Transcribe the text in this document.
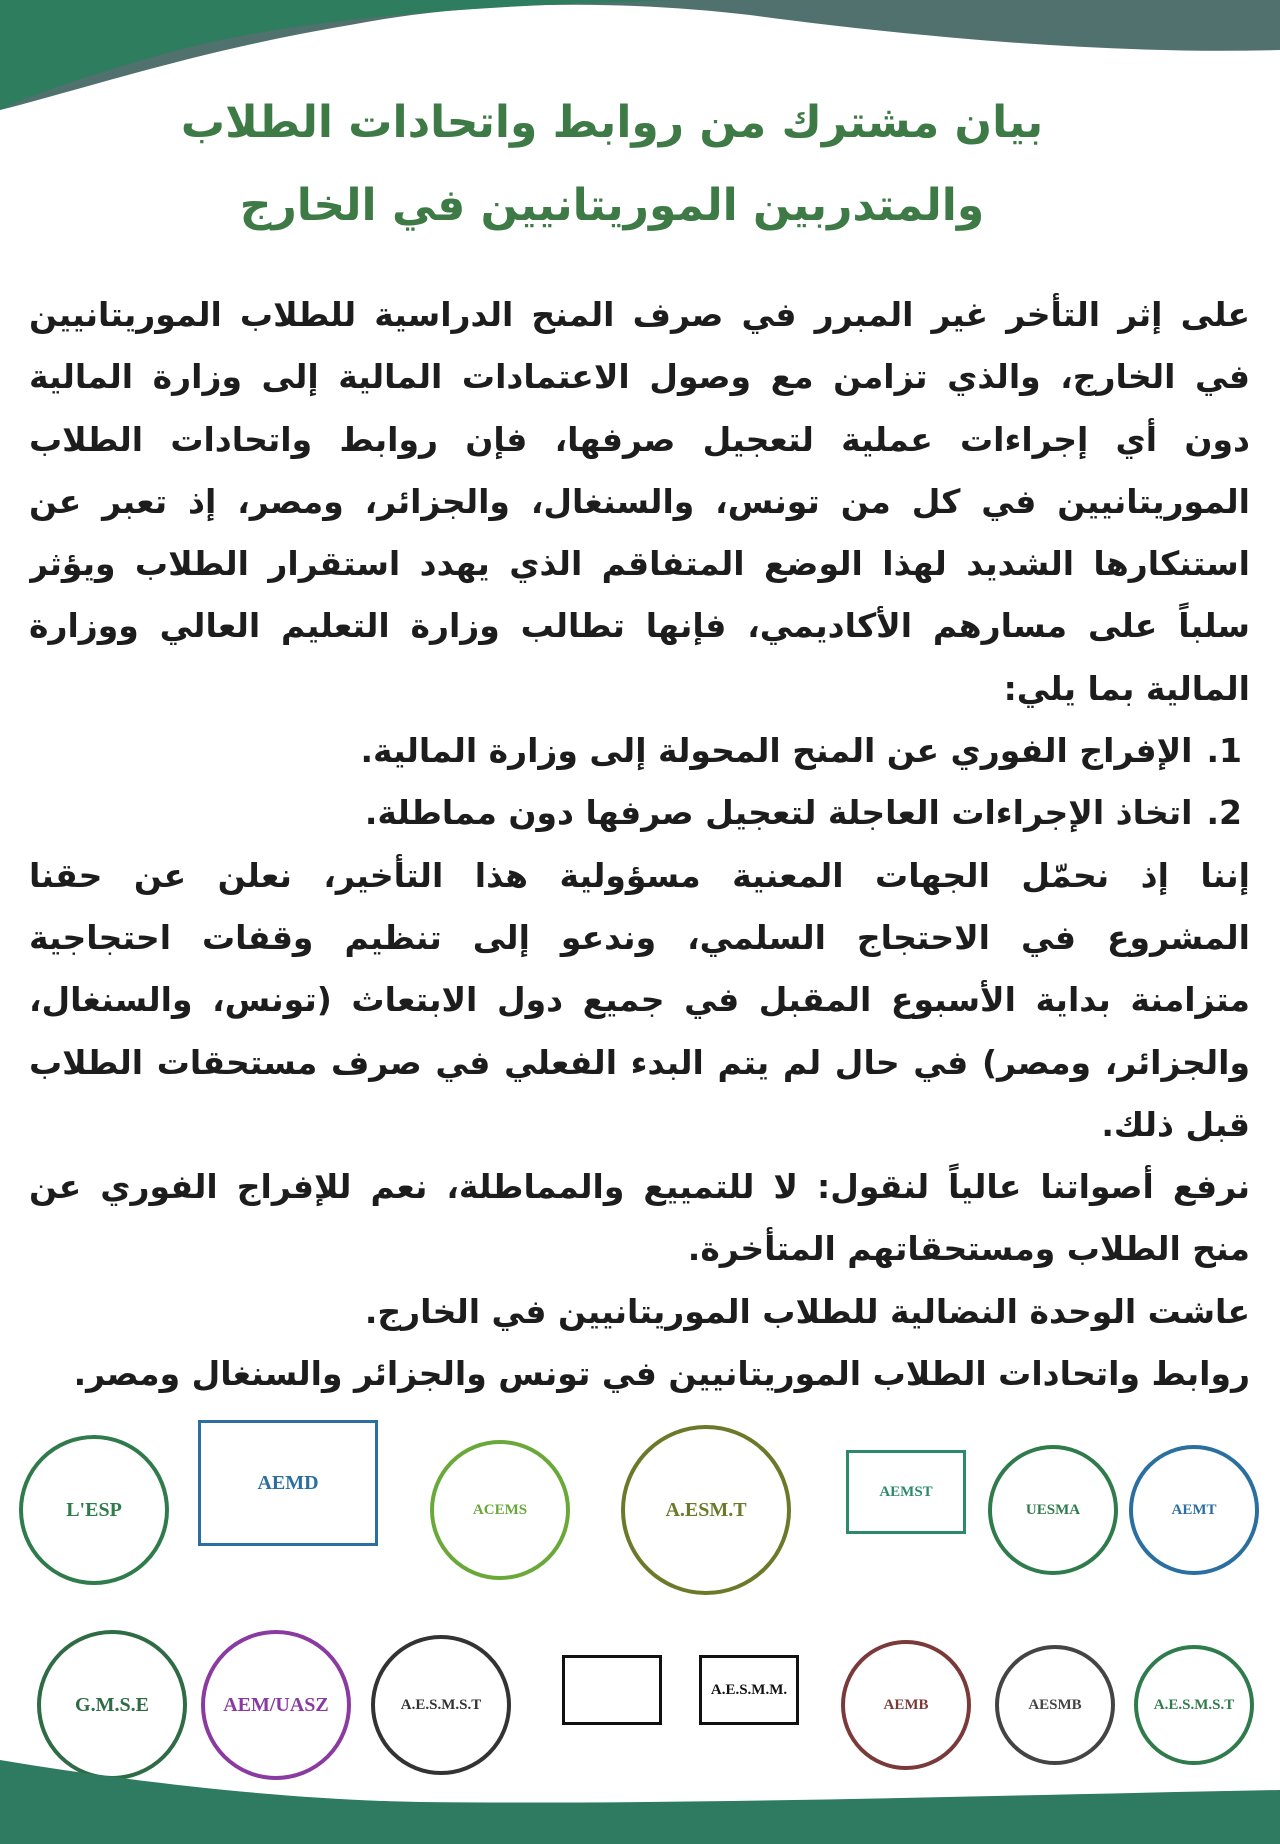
بيان مشترك من روابط واتحادات الطلاب
والمتدربين الموريتانيين في الخارج
على إثر التأخر غير المبرر في صرف المنح الدراسية للطلاب الموريتانيين
في الخارج، والذي تزامن مع وصول الاعتمادات المالية إلى وزارة المالية
دون أي إجراءات عملية لتعجيل صرفها، فإن روابط واتحادات الطلاب
الموريتانيين في كل من تونس، والسنغال، والجزائر، ومصر، إذ تعبر عن
استنكارها الشديد لهذا الوضع المتفاقم الذي يهدد استقرار الطلاب ويؤثر
سلباً على مسارهم الأكاديمي، فإنها تطالب وزارة التعليم العالي ووزارة
المالية بما يلي:
1.الإفراج الفوري عن المنح المحولة إلى وزارة المالية.
2.اتخاذ الإجراءات العاجلة لتعجيل صرفها دون مماطلة.
إننا إذ نحمّل الجهات المعنية مسؤولية هذا التأخير، نعلن عن حقنا
المشروع في الاحتجاج السلمي، وندعو إلى تنظيم وقفات احتجاجية
متزامنة بداية الأسبوع المقبل في جميع دول الابتعاث (تونس، والسنغال،
والجزائر، ومصر) في حال لم يتم البدء الفعلي في صرف مستحقات الطلاب
قبل ذلك.
نرفع أصواتنا عالياً لنقول: لا للتمييع والمماطلة، نعم للإفراج الفوري عن
منح الطلاب ومستحقاتهم المتأخرة.
عاشت الوحدة النضالية للطلاب الموريتانيين في الخارج.
روابط واتحادات الطلاب الموريتانيين في تونس والجزائر والسنغال ومصر.
L'ESP
AEMD
ACEMS	A.ESM.T
AEMST
UESMA	AEMT
G.M.S.E	AEM/UASZ	A.E.S.M.S.T
A.E.S.M.M.
AEMB	AESMB	A.E.S.M.S.T
